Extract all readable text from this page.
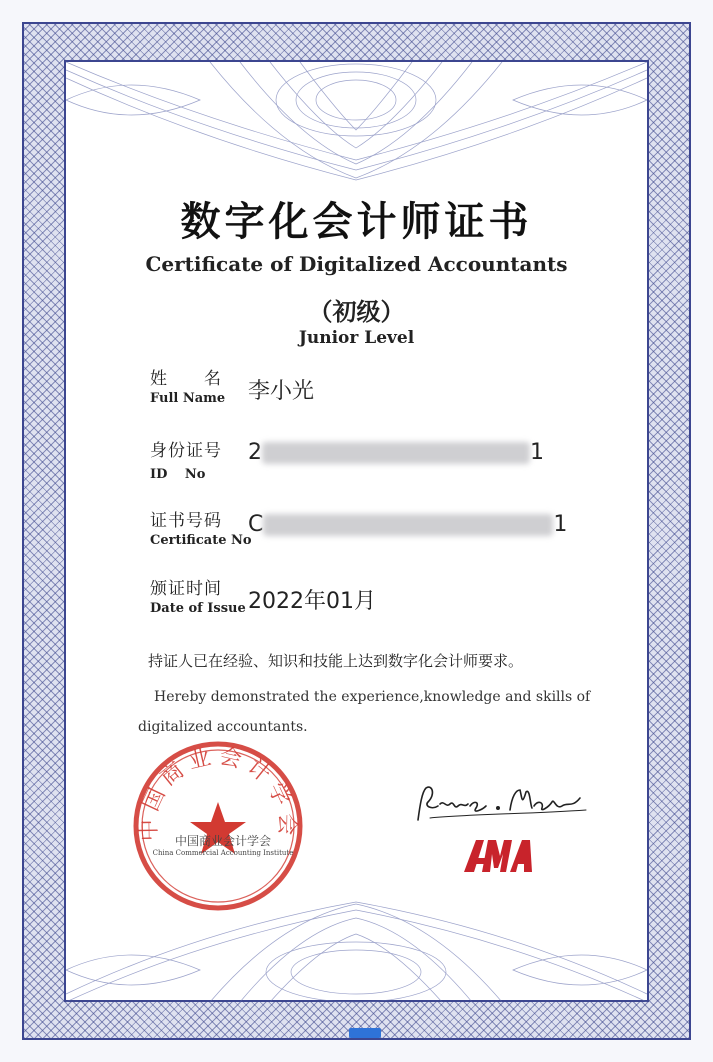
数字化会计师证书
Certificate of Digitalized Accountants
（初级）
Junior Level
姓　　名
Full Name 李小光
身份证号
ID　 No
2	1
证书号码
Certificate No
C	1
颁证时间
Date of Issue 2022年01月
持证人已在经验、知识和技能上达到数字化会计师要求。
Hereby demonstrated the experience,knowledge and skills of digitalized accountants.
中国商业会计学会
中国商业会计学会
China Commercial Accounting Institute
